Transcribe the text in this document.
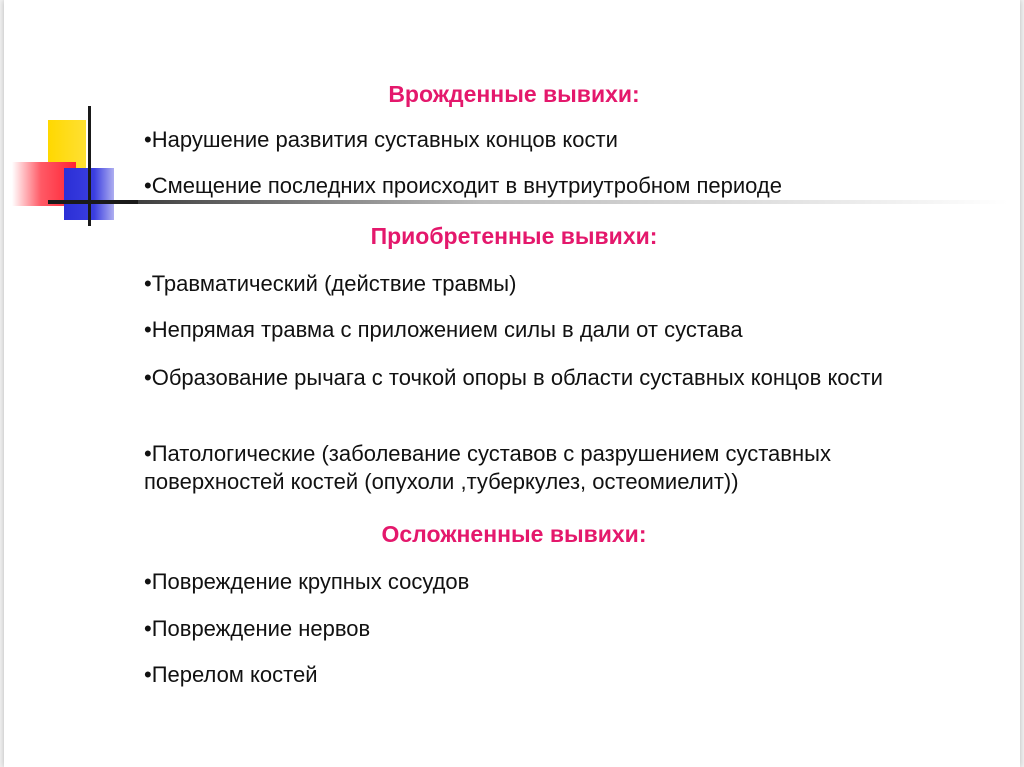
Врожденные вывихи:
•Нарушение развития суставных концов кости
•Смещение последних происходит в внутриутробном периоде
Приобретенные вывихи:
•Травматический (действие травмы)
•Непрямая травма с приложением силы в дали от сустава
•Образование рычага с точкой опоры в области суставных концов кости
•Патологические (заболевание суставов с разрушением суставных поверхностей костей (опухоли ,туберкулез, остеомиелит))
Осложненные вывихи:
•Повреждение крупных сосудов
•Повреждение нервов
•Перелом костей
